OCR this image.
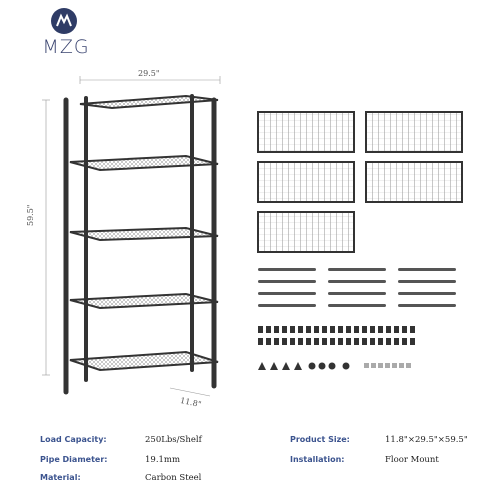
MZG
29.5"
59.5"
11.8"
Load Capacity:	250Lbs/Shelf
Pipe Diameter:	19.1mm
Material:	Carbon Steel
Product Size:	11.8"×29.5"×59.5"
Installation:	Floor Mount
